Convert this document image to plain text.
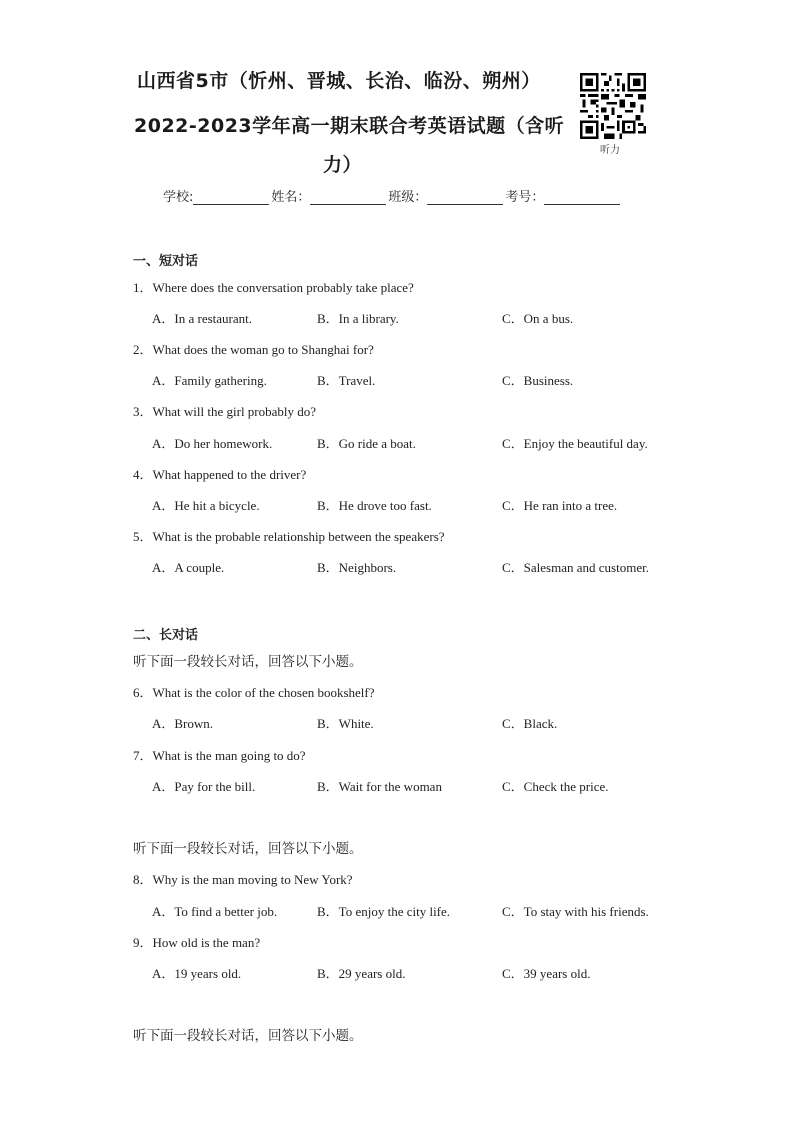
山西省5市（忻州、晋城、长治、临汾、朔州）
2022-2023学年高一期末联合考英语试题（含听
力）
听力
学校:	姓名：	班级：	考号：
一、短对话
1．Where does the conversation probably take place?
A．In a restaurant.	B．In a library.	C．On a bus.
2．What does the woman go to Shanghai for?
A．Family gathering.	B．Travel.	C．Business.
3．What will the girl probably do?
A．Do her homework.	B．Go ride a boat.	C．Enjoy the beautiful day.
4．What happened to the driver?
A．He hit a bicycle.	B．He drove too fast.	C．He ran into a tree.
5．What is the probable relationship between the speakers?
A．A couple.	B．Neighbors.	C．Salesman and customer.
二、长对话
听下面一段较长对话，回答以下小题。
6．What is the color of the chosen bookshelf?
A．Brown.	B．White.	C．Black.
7．What is the man going to do?
A．Pay for the bill.	B．Wait for the woman	C．Check the price.
听下面一段较长对话，回答以下小题。
8．Why is the man moving to New York?
A．To find a better job.	B．To enjoy the city life.	C．To stay with his friends.
9．How old is the man?
A．19 years old.	B．29 years old.	C．39 years old.
听下面一段较长对话，回答以下小题。
